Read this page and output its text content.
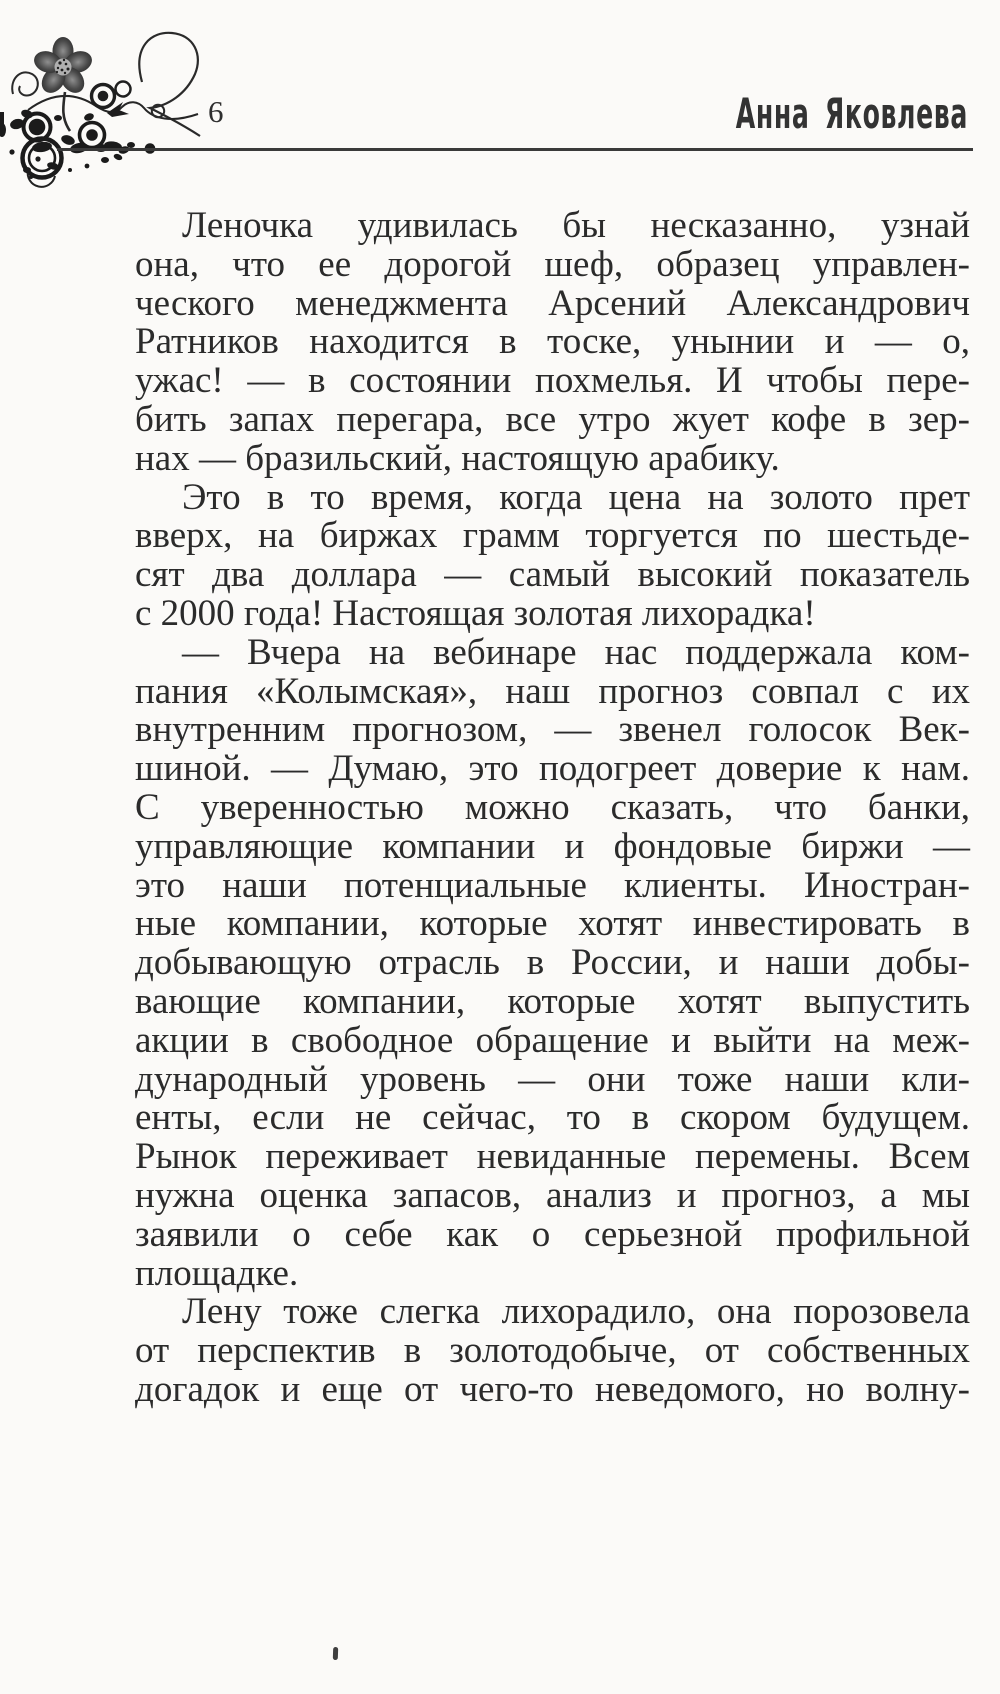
6	Анна Яковлева
Леночка удивилась бы несказанно, узнай
она, что ее дорогой шеф, образец управлен-
ческого менеджмента Арсений Александрович
Ратников находится в тоске, унынии и — о,
ужас! — в состоянии похмелья. И чтобы пере-
бить запах перегара, все утро жует кофе в зер-
нах — бразильский, настоящую арабику.
Это в то время, когда цена на золото прет
вверх, на биржах грамм торгуется по шестьде-
сят два доллара — самый высокий показатель
с 2000 года! Настоящая золотая лихорадка!
— Вчера на вебинаре нас поддержала ком-
пания «Колымская», наш прогноз совпал с их
внутренним прогнозом, — звенел голосок Век-
шиной. — Думаю, это подогреет доверие к нам.
С уверенностью можно сказать, что банки,
управляющие компании и фондовые биржи —
это наши потенциальные клиенты. Иностран-
ные компании, которые хотят инвестировать в
добывающую отрасль в России, и наши добы-
вающие компании, которые хотят выпустить
акции в свободное обращение и выйти на меж-
дународный уровень — они тоже наши кли-
енты, если не сейчас, то в скором будущем.
Рынок переживает невиданные перемены. Всем
нужна оценка запасов, анализ и прогноз, а мы
заявили о себе как о серьезной профильной
площадке.
Лену тоже слегка лихорадило, она порозовела
от перспектив в золотодобыче, от собственных
догадок и еще от чего-то неведомого, но волну-
